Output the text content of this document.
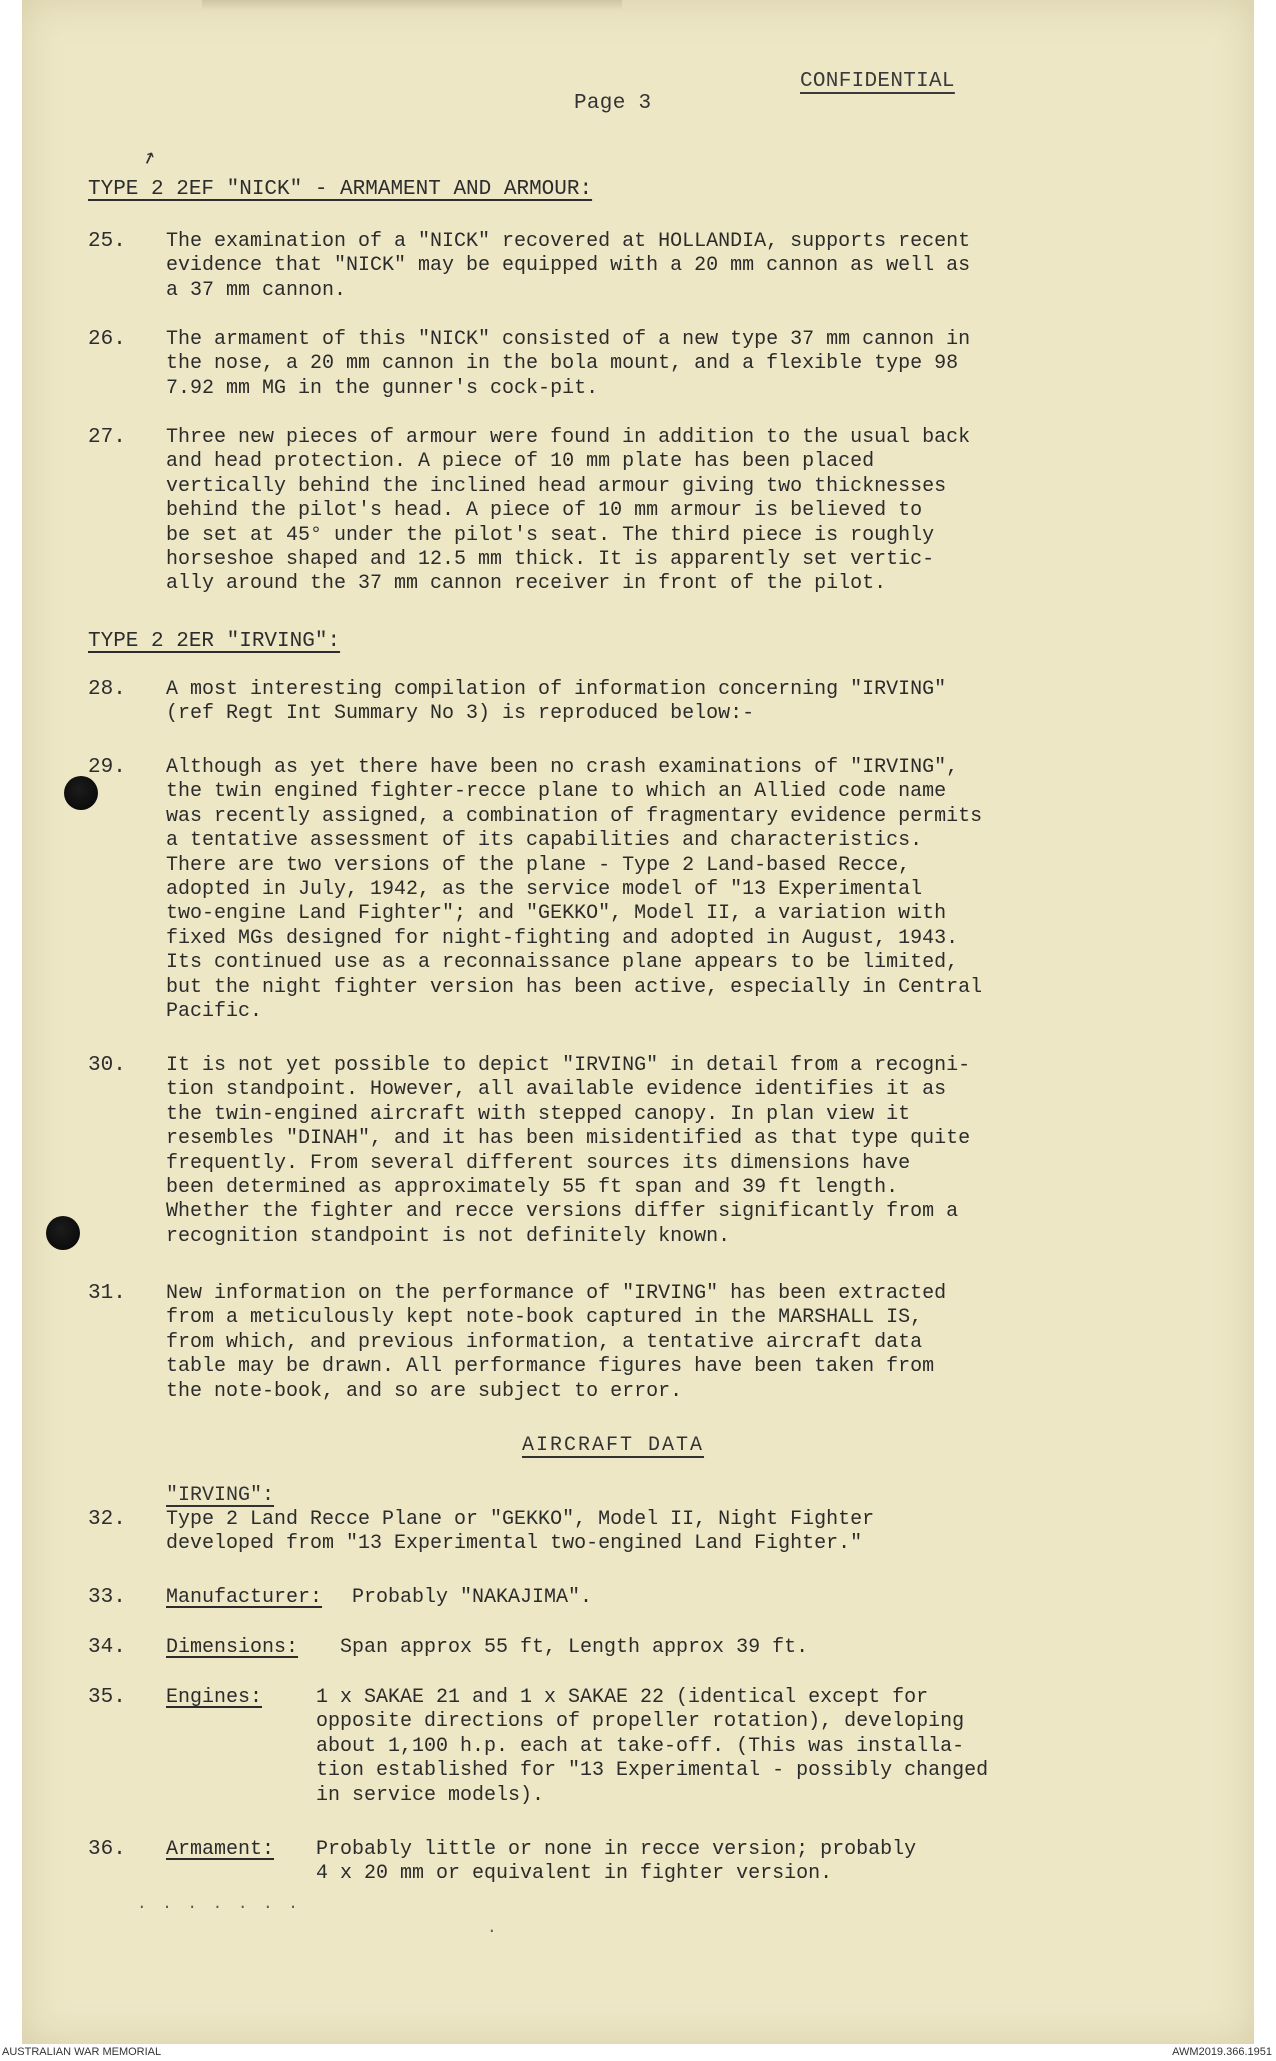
CONFIDENTIAL
Page 3
↗
TYPE 2 2EF "NICK" - ARMAMENT AND ARMOUR:
25. The examination of a "NICK" recovered at HOLLANDIA, supports recent
evidence that "NICK" may be equipped with a 20 mm cannon as well as
a 37 mm cannon.
26. The armament of this "NICK" consisted of a new type 37 mm cannon in
the nose, a 20 mm cannon in the bola mount, and a flexible type 98
7.92 mm MG in the gunner's cock-pit.
27. Three new pieces of armour were found in addition to the usual back
and head protection. A piece of 10 mm plate has been placed
vertically behind the inclined head armour giving two thicknesses
behind the pilot's head. A piece of 10 mm armour is believed to
be set at 45° under the pilot's seat. The third piece is roughly
horseshoe shaped and 12.5 mm thick. It is apparently set vertic-
ally around the 37 mm cannon receiver in front of the pilot.
TYPE 2 2ER "IRVING":
28. A most interesting compilation of information concerning "IRVING"
(ref Regt Int Summary No 3) is reproduced below:-
29. Although as yet there have been no crash examinations of "IRVING",
the twin engined fighter-recce plane to which an Allied code name
was recently assigned, a combination of fragmentary evidence permits
a tentative assessment of its capabilities and characteristics.
There are two versions of the plane - Type 2 Land-based Recce,
adopted in July, 1942, as the service model of "13 Experimental
two-engine Land Fighter"; and "GEKKO", Model II, a variation with
fixed MGs designed for night-fighting and adopted in August, 1943.
Its continued use as a reconnaissance plane appears to be limited,
but the night fighter version has been active, especially in Central
Pacific.
30. It is not yet possible to depict "IRVING" in detail from a recogni-
tion standpoint. However, all available evidence identifies it as
the twin-engined aircraft with stepped canopy. In plan view it
resembles "DINAH", and it has been misidentified as that type quite
frequently. From several different sources its dimensions have
been determined as approximately 55 ft span and 39 ft length.
Whether the fighter and recce versions differ significantly from a
recognition standpoint is not definitely known.
31. New information on the performance of "IRVING" has been extracted
from a meticulously kept note-book captured in the MARSHALL IS,
from which, and previous information, a tentative aircraft data
table may be drawn. All performance figures have been taken from
the note-book, and so are subject to error.
AIRCRAFT DATA
"IRVING":
32. Type 2 Land Recce Plane or "GEKKO", Model II, Night Fighter
developed from "13 Experimental two-engined Land Fighter."
33. Manufacturer: Probably "NAKAJIMA".
34. Dimensions: Span approx 55 ft, Length approx 39 ft.
35. Engines:	1 x SAKAE 21 and 1 x SAKAE 22 (identical except for
opposite directions of propeller rotation), developing
about 1,100 h.p. each at take-off. (This was installa-
tion established for "13 Experimental - possibly changed
in service models).
36. Armament: Probably little or none in recce version; probably
4 x 20 mm or equivalent in fighter version.
· · · · · · ·
·
AUSTRALIAN WAR MEMORIAL	AWM2019.366.1951
